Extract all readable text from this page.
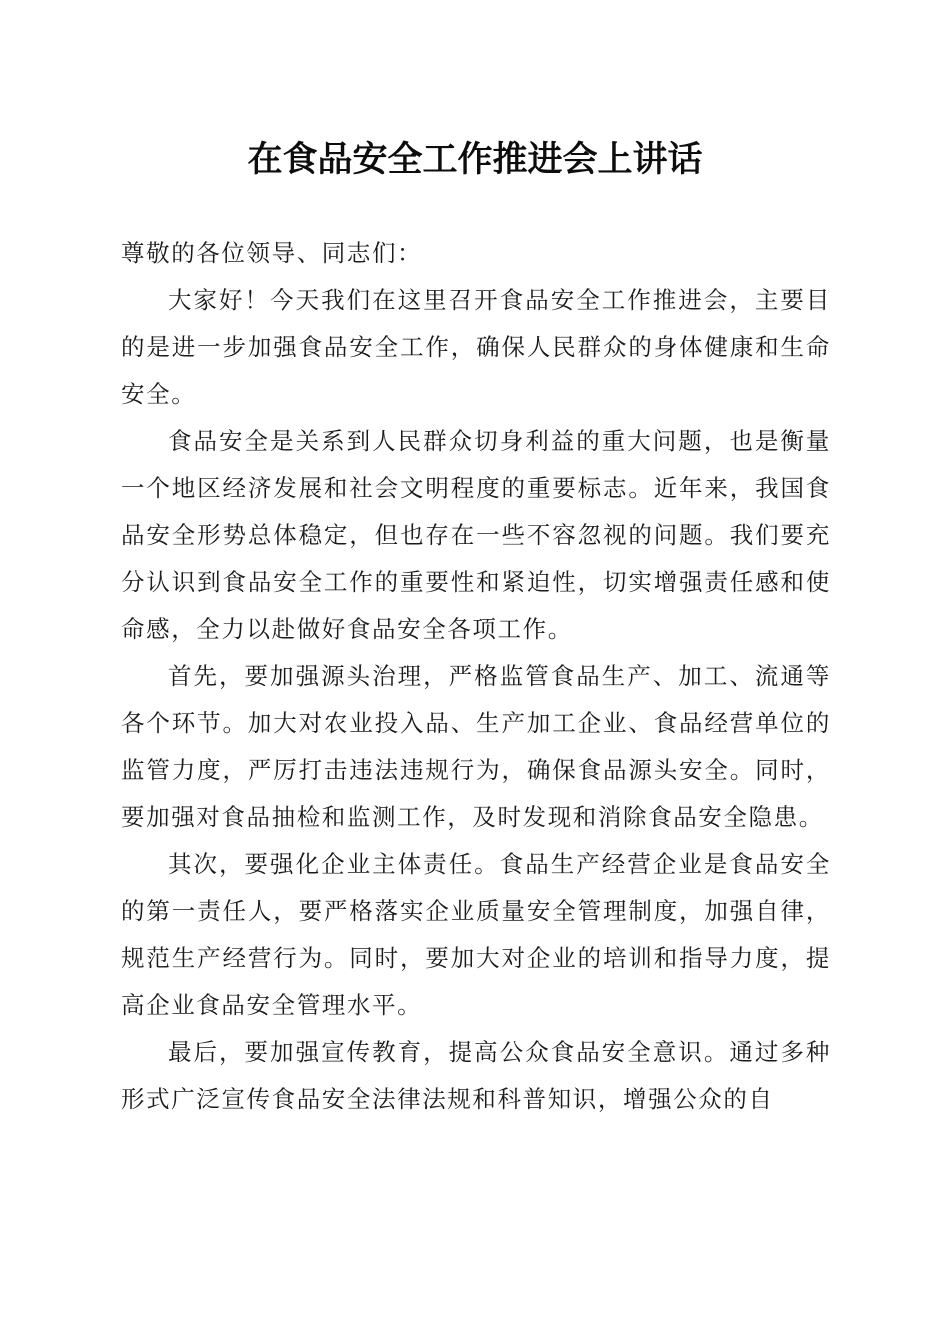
在食品安全工作推进会上讲话

尊敬的各位领导、同志们：

大家好！今天我们在这里召开食品安全工作推进会，主要目的是进一步加强食品安全工作，确保人民群众的身体健康和生命安全。

食品安全是关系到人民群众切身利益的重大问题，也是衡量一个地区经济发展和社会文明程度的重要标志。近年来，我国食品安全形势总体稳定，但也存在一些不容忽视的问题。我们要充分认识到食品安全工作的重要性和紧迫性，切实增强责任感和使命感，全力以赴做好食品安全各项工作。

首先，要加强源头治理，严格监管食品生产、加工、流通等各个环节。加大对农业投入品、生产加工企业、食品经营单位的监管力度，严厉打击违法违规行为，确保食品源头安全。同时，要加强对食品抽检和监测工作，及时发现和消除食品安全隐患。

其次，要强化企业主体责任。食品生产经营企业是食品安全的第一责任人，要严格落实企业质量安全管理制度，加强自律，规范生产经营行为。同时，要加大对企业的培训和指导力度，提高企业食品安全管理水平。

最后，要加强宣传教育，提高公众食品安全意识。通过多种形式广泛宣传食品安全法律法规和科普知识，增强公众的自
